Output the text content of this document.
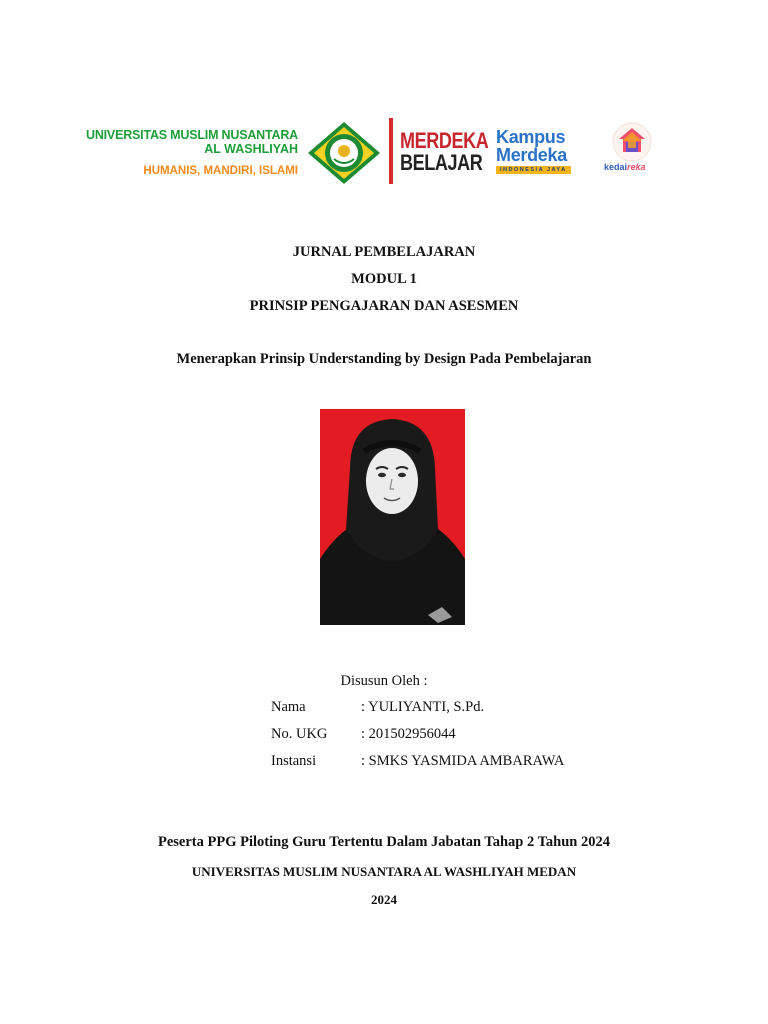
UNIVERSITAS MUSLIM NUSANTARA
AL WASHLIYAH
HUMANIS, MANDIRI, ISLAMI
MERDEKA
BELAJAR
Kampus
Merdeka
INDONESIA JAYA	kedaireka
JURNAL PEMBELAJARAN
MODUL 1
PRINSIP PENGAJARAN DAN ASESMEN
Menerapkan Prinsip Understanding by Design Pada Pembelajaran
Disusun Oleh :
Nama	: YULIYANTI, S.Pd.
No. UKG : 201502956044
Instansi	: SMKS YASMIDA AMBARAWA
Peserta PPG Piloting Guru Tertentu Dalam Jabatan Tahap 2 Tahun 2024
UNIVERSITAS MUSLIM NUSANTARA AL WASHLIYAH MEDAN
2024
